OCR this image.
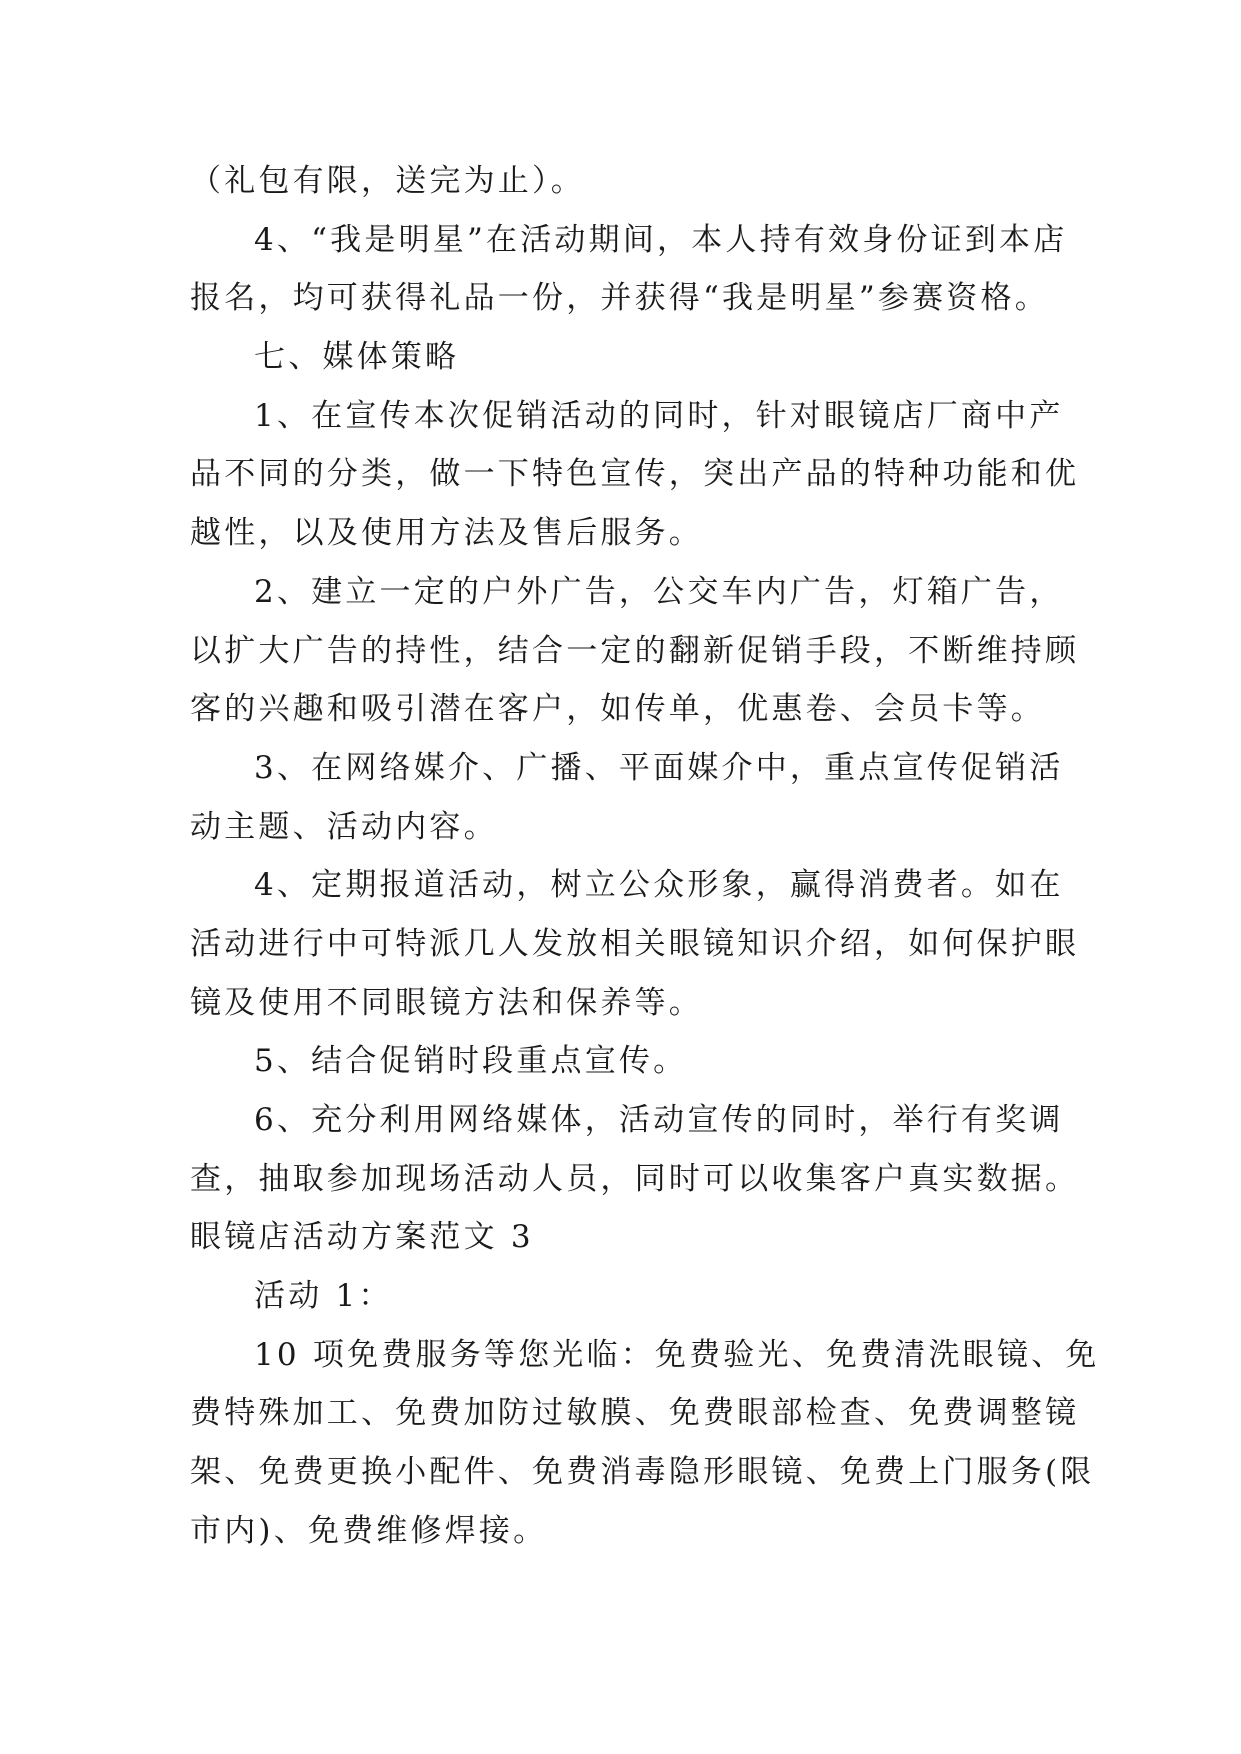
（礼包有限，送完为止）。
4、“我是明星”在活动期间，本人持有效身份证到本店
报名，均可获得礼品一份，并获得“我是明星”参赛资格。
七、媒体策略
1、在宣传本次促销活动的同时，针对眼镜店厂商中产
品不同的分类，做一下特色宣传，突出产品的特种功能和优
越性，以及使用方法及售后服务。
2、建立一定的户外广告，公交车内广告，灯箱广告，
以扩大广告的持性，结合一定的翻新促销手段，不断维持顾
客的兴趣和吸引潜在客户，如传单，优惠卷、会员卡等。
3、在网络媒介、广播、平面媒介中，重点宣传促销活
动主题、活动内容。
4、定期报道活动，树立公众形象，赢得消费者。如在
活动进行中可特派几人发放相关眼镜知识介绍，如何保护眼
镜及使用不同眼镜方法和保养等。
5、结合促销时段重点宣传。
6、充分利用网络媒体，活动宣传的同时，举行有奖调
查，抽取参加现场活动人员，同时可以收集客户真实数据。
眼镜店活动方案范文 3
活动 1：
10 项免费服务等您光临：免费验光、免费清洗眼镜、免
费特殊加工、免费加防过敏膜、免费眼部检查、免费调整镜
架、免费更换小配件、免费消毒隐形眼镜、免费上门服务(限
市内)、免费维修焊接。
